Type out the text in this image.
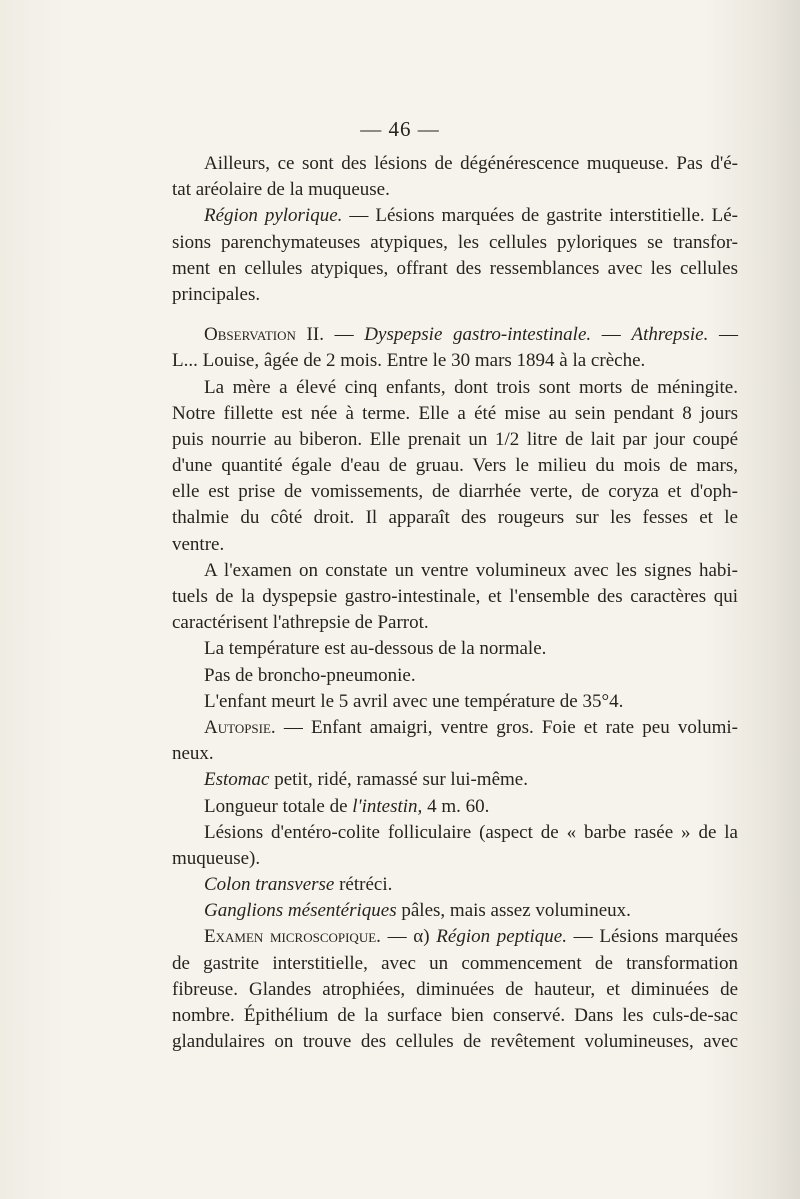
— 46 —
Ailleurs, ce sont des lésions de dégénérescence muqueuse. Pas d'é-
tat aréolaire de la muqueuse.
Région pylorique. — Lésions marquées de gastrite interstitielle. Lé-
sions parenchymateuses atypiques, les cellules pyloriques se transfor-
ment en cellules atypiques, offrant des ressemblances avec les cellules
principales.
Observation II. — Dyspepsie gastro-intestinale. — Athrepsie. —
L... Louise, âgée de 2 mois. Entre le 30 mars 1894 à la crèche.
La mère a élevé cinq enfants, dont trois sont morts de méningite.
Notre fillette est née à terme. Elle a été mise au sein pendant 8 jours
puis nourrie au biberon. Elle prenait un 1/2 litre de lait par jour coupé
d'une quantité égale d'eau de gruau. Vers le milieu du mois de mars,
elle est prise de vomissements, de diarrhée verte, de coryza et d'oph-
thalmie du côté droit. Il apparaît des rougeurs sur les fesses et le
ventre.
A l'examen on constate un ventre volumineux avec les signes habi-
tuels de la dyspepsie gastro-intestinale, et l'ensemble des caractères qui
caractérisent l'athrepsie de Parrot.
La température est au-dessous de la normale.
Pas de broncho-pneumonie.
L'enfant meurt le 5 avril avec une température de 35°4.
Autopsie. — Enfant amaigri, ventre gros. Foie et rate peu volumi-
neux.
Estomac petit, ridé, ramassé sur lui-même.
Longueur totale de l'intestin, 4 m. 60.
Lésions d'entéro-colite folliculaire (aspect de « barbe rasée » de la
muqueuse).
Colon transverse rétréci.
Ganglions mésentériques pâles, mais assez volumineux.
Examen microscopique. — α) Région peptique. — Lésions marquées
de gastrite interstitielle, avec un commencement de transformation
fibreuse. Glandes atrophiées, diminuées de hauteur, et diminuées de
nombre. Épithélium de la surface bien conservé. Dans les culs-de-sac
glandulaires on trouve des cellules de revêtement volumineuses, avec
